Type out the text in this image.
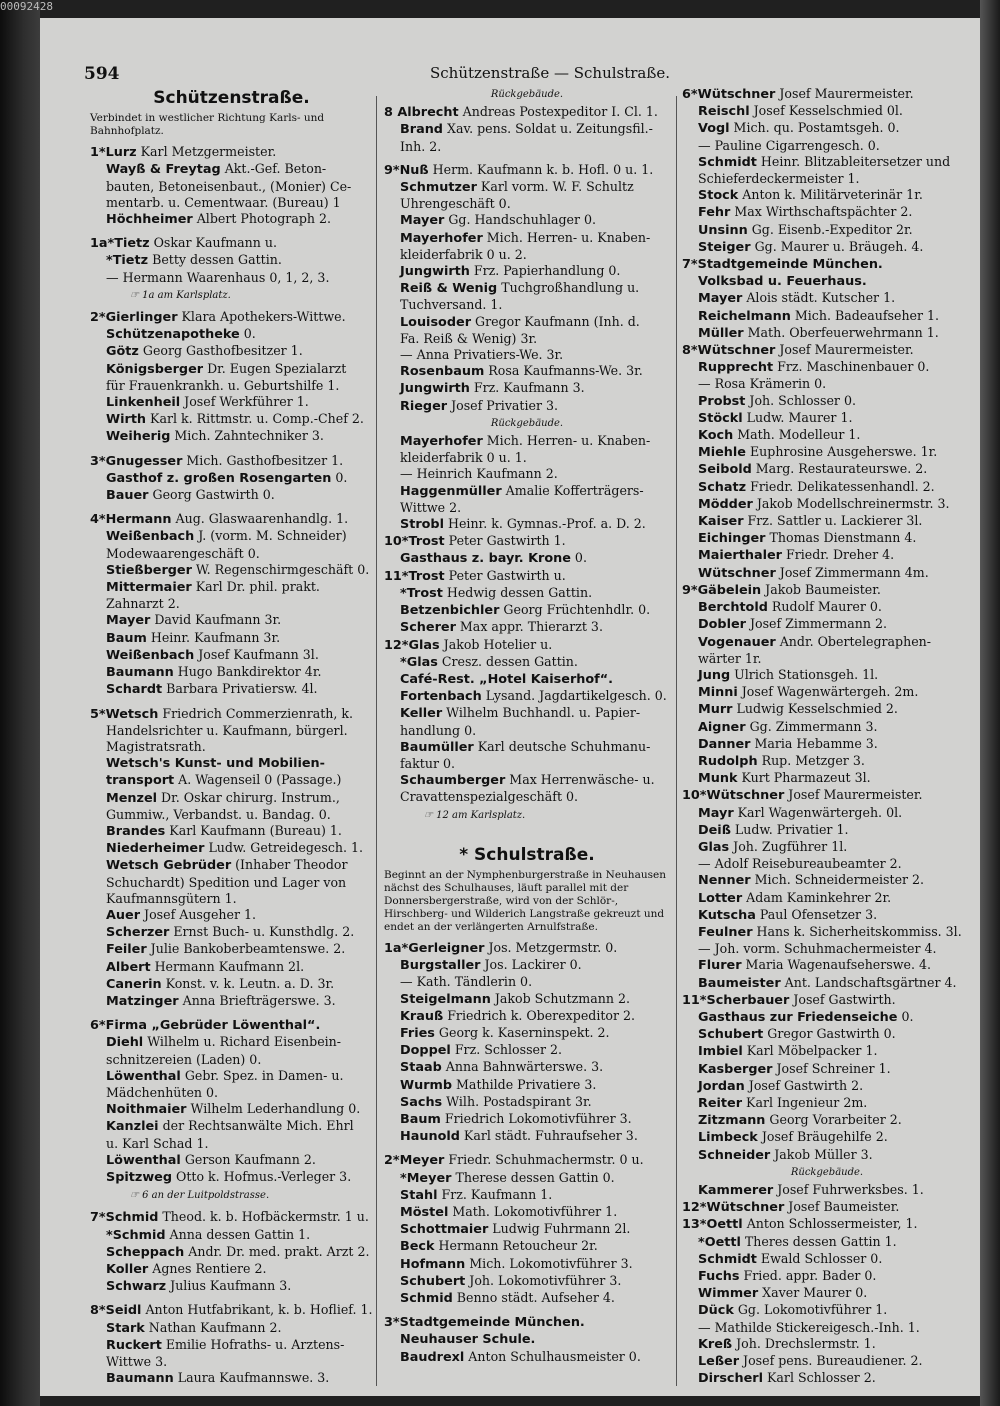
00092428
594	Schützenstraße — Schulstraße.
Schützenstraße.
Verbindet in westlicher Richtung Karls- und Bahnhofplatz.
1*Lurz Karl Metzgermeister.
Wayß & Freytag Akt.-Gef. Beton-
bauten, Betoneisenbaut., (Monier) Ce-
mentarb. u. Cementwaar. (Bureau) 1
Höchheimer Albert Photograph 2.
1a*Tietz Oskar Kaufmann u.
*Tietz Betty dessen Gattin.
— Hermann Waarenhaus 0, 1, 2, 3.
☞ 1a am Karlsplatz.
2*Gierlinger Klara Apothekers-Wittwe.
Schützenapotheke 0.
Götz Georg Gasthofbesitzer 1.
Königsberger Dr. Eugen Spezialarzt
für Frauenkrankh. u. Geburtshilfe 1.
Linkenheil Josef Werkführer 1.
Wirth Karl k. Rittmstr. u. Comp.-Chef 2.
Weiherig Mich. Zahntechniker 3.
3*Gnugesser Mich. Gasthofbesitzer 1.
Gasthof z. großen Rosengarten 0.
Bauer Georg Gastwirth 0.
4*Hermann Aug. Glaswaarenhandlg. 1.
Weißenbach J. (vorm. M. Schneider)
Modewaarengeschäft 0.
Stießberger W. Regenschirmgeschäft 0.
Mittermaier Karl Dr. phil. prakt.
Zahnarzt 2.
Mayer David Kaufmann 3r.
Baum Heinr. Kaufmann 3r.
Weißenbach Josef Kaufmann 3l.
Baumann Hugo Bankdirektor 4r.
Schardt Barbara Privatiersw. 4l.
5*Wetsch Friedrich Commerzienrath, k.
Handelsrichter u. Kaufmann, bürgerl.
Magistratsrath.
Wetsch's Kunst- und Mobilien-
transport A. Wagenseil 0 (Passage.)
Menzel Dr. Oskar chirurg. Instrum.,
Gummiw., Verbandst. u. Bandag. 0.
Brandes Karl Kaufmann (Bureau) 1.
Niederheimer Ludw. Getreidegesch. 1.
Wetsch Gebrüder (Inhaber Theodor
Schuchardt) Spedition und Lager von
Kaufmannsgütern 1.
Auer Josef Ausgeher 1.
Scherzer Ernst Buch- u. Kunsthdlg. 2.
Feiler Julie Bankoberbeamtenswe. 2.
Albert Hermann Kaufmann 2l.
Canerin Konst. v. k. Leutn. a. D. 3r.
Matzinger Anna Briefträgerswe. 3.
6*Firma „Gebrüder Löwenthal“.
Diehl Wilhelm u. Richard Eisenbein-
schnitzereien (Laden) 0.
Löwenthal Gebr. Spez. in Damen- u.
Mädchenhüten 0.
Noithmaier Wilhelm Lederhandlung 0.
Kanzlei der Rechtsanwälte Mich. Ehrl
u. Karl Schad 1.
Löwenthal Gerson Kaufmann 2.
Spitzweg Otto k. Hofmus.-Verleger 3.
☞ 6 an der Luitpoldstrasse.
7*Schmid Theod. k. b. Hofbäckermstr. 1 u.
*Schmid Anna dessen Gattin 1.
Scheppach Andr. Dr. med. prakt. Arzt 2.
Koller Agnes Rentiere 2.
Schwarz Julius Kaufmann 3.
8*Seidl Anton Hutfabrikant, k. b. Hoflief. 1.
Stark Nathan Kaufmann 2.
Ruckert Emilie Hofraths- u. Arztens-
Wittwe 3.
Baumann Laura Kaufmannswe. 3.
Rückgebäude.
8 Albrecht Andreas Postexpeditor I. Cl. 1.
Brand Xav. pens. Soldat u. Zeitungsfil.-
Inh. 2.
9*Nuß Herm. Kaufmann k. b. Hofl. 0 u. 1.
Schmutzer Karl vorm. W. F. Schultz
Uhrengeschäft 0.
Mayer Gg. Handschuhlager 0.
Mayerhofer Mich. Herren- u. Knaben-
kleiderfabrik 0 u. 2.
Jungwirth Frz. Papierhandlung 0.
Reiß & Wenig Tuchgroßhandlung u.
Tuchversand. 1.
Louisoder Gregor Kaufmann (Inh. d.
Fa. Reiß & Wenig) 3r.
— Anna Privatiers-We. 3r.
Rosenbaum Rosa Kaufmanns-We. 3r.
Jungwirth Frz. Kaufmann 3.
Rieger Josef Privatier 3.
Rückgebäude.
Mayerhofer Mich. Herren- u. Knaben-
kleiderfabrik 0 u. 1.
— Heinrich Kaufmann 2.
Haggenmüller Amalie Kofferträgers-
Wittwe 2.
Strobl Heinr. k. Gymnas.-Prof. a. D. 2.
10*Trost Peter Gastwirth 1.
Gasthaus z. bayr. Krone 0.
11*Trost Peter Gastwirth u.
*Trost Hedwig dessen Gattin.
Betzenbichler Georg Früchtenhdlr. 0.
Scherer Max appr. Thierarzt 3.
12*Glas Jakob Hotelier u.
*Glas Cresz. dessen Gattin.
Café-Rest. „Hotel Kaiserhof“.
Fortenbach Lysand. Jagdartikelgesch. 0.
Keller Wilhelm Buchhandl. u. Papier-
handlung 0.
Baumüller Karl deutsche Schuhmanu-
faktur 0.
Schaumberger Max Herrenwäsche- u.
Cravattenspezialgeschäft 0.
☞ 12 am Karlsplatz.
* Schulstraße.
Beginnt an der Nymphenburgerstraße in Neuhausen nächst des Schulhauses, läuft parallel mit der Donnersbergerstraße, wird von der Schlör-, Hirschberg- und Wilderich Langstraße gekreuzt und endet an der verlängerten Arnulfstraße.
1a*Gerleigner Jos. Metzgermstr. 0.
Burgstaller Jos. Lackirer 0.
— Kath. Tändlerin 0.
Steigelmann Jakob Schutzmann 2.
Krauß Friedrich k. Oberexpeditor 2.
Fries Georg k. Kaserninspekt. 2.
Doppel Frz. Schlosser 2.
Staab Anna Bahnwärterswe. 3.
Wurmb Mathilde Privatiere 3.
Sachs Wilh. Postadspirant 3r.
Baum Friedrich Lokomotivführer 3.
Haunold Karl städt. Fuhraufseher 3.
2*Meyer Friedr. Schuhmachermstr. 0 u.
*Meyer Therese dessen Gattin 0.
Stahl Frz. Kaufmann 1.
Möstel Math. Lokomotivführer 1.
Schottmaier Ludwig Fuhrmann 2l.
Beck Hermann Retoucheur 2r.
Hofmann Mich. Lokomotivführer 3.
Schubert Joh. Lokomotivführer 3.
Schmid Benno städt. Aufseher 4.
3*Stadtgemeinde München.
Neuhauser Schule.
Baudrexl Anton Schulhausmeister 0.
6*Wütschner Josef Maurermeister.
Reischl Josef Kesselschmied 0l.
Vogl Mich. qu. Postamtsgeh. 0.
— Pauline Cigarrengesch. 0.
Schmidt Heinr. Blitzableitersetzer und
Schieferdeckermeister 1.
Stock Anton k. Militärveterinär 1r.
Fehr Max Wirthschaftspächter 2.
Unsinn Gg. Eisenb.-Expeditor 2r.
Steiger Gg. Maurer u. Bräugeh. 4.
7*Stadtgemeinde München.
Volksbad u. Feuerhaus.
Mayer Alois städt. Kutscher 1.
Reichelmann Mich. Badeaufseher 1.
Müller Math. Oberfeuerwehrmann 1.
8*Wütschner Josef Maurermeister.
Rupprecht Frz. Maschinenbauer 0.
— Rosa Krämerin 0.
Probst Joh. Schlosser 0.
Stöckl Ludw. Maurer 1.
Koch Math. Modelleur 1.
Miehle Euphrosine Ausgeherswe. 1r.
Seibold Marg. Restaurateurswe. 2.
Schatz Friedr. Delikatessenhandl. 2.
Mödder Jakob Modellschreinermstr. 3.
Kaiser Frz. Sattler u. Lackierer 3l.
Eichinger Thomas Dienstmann 4.
Maierthaler Friedr. Dreher 4.
Wütschner Josef Zimmermann 4m.
9*Gäbelein Jakob Baumeister.
Berchtold Rudolf Maurer 0.
Dobler Josef Zimmermann 2.
Vogenauer Andr. Obertelegraphen-
wärter 1r.
Jung Ulrich Stationsgeh. 1l.
Minni Josef Wagenwärtergeh. 2m.
Murr Ludwig Kesselschmied 2.
Aigner Gg. Zimmermann 3.
Danner Maria Hebamme 3.
Rudolph Rup. Metzger 3.
Munk Kurt Pharmazeut 3l.
10*Wütschner Josef Maurermeister.
Mayr Karl Wagenwärtergeh. 0l.
Deiß Ludw. Privatier 1.
Glas Joh. Zugführer 1l.
— Adolf Reisebureaubeamter 2.
Nenner Mich. Schneidermeister 2.
Lotter Adam Kaminkehrer 2r.
Kutscha Paul Ofensetzer 3.
Feulner Hans k. Sicherheitskommiss. 3l.
— Joh. vorm. Schuhmachermeister 4.
Flurer Maria Wagenaufseherswe. 4.
Baumeister Ant. Landschaftsgärtner 4.
11*Scherbauer Josef Gastwirth.
Gasthaus zur Friedenseiche 0.
Schubert Gregor Gastwirth 0.
Imbiel Karl Möbelpacker 1.
Kasberger Josef Schreiner 1.
Jordan Josef Gastwirth 2.
Reiter Karl Ingenieur 2m.
Zitzmann Georg Vorarbeiter 2.
Limbeck Josef Bräugehilfe 2.
Schneider Jakob Müller 3.
Rückgebäude.
Kammerer Josef Fuhrwerksbes. 1.
12*Wütschner Josef Baumeister.
13*Oettl Anton Schlossermeister, 1.
*Oettl Theres dessen Gattin 1.
Schmidt Ewald Schlosser 0.
Fuchs Fried. appr. Bader 0.
Wimmer Xaver Maurer 0.
Dück Gg. Lokomotivführer 1.
— Mathilde Stickereigesch.-Inh. 1.
Kreß Joh. Drechslermstr. 1.
Leßer Josef pens. Bureaudiener. 2.
Dirscherl Karl Schlosser 2.
